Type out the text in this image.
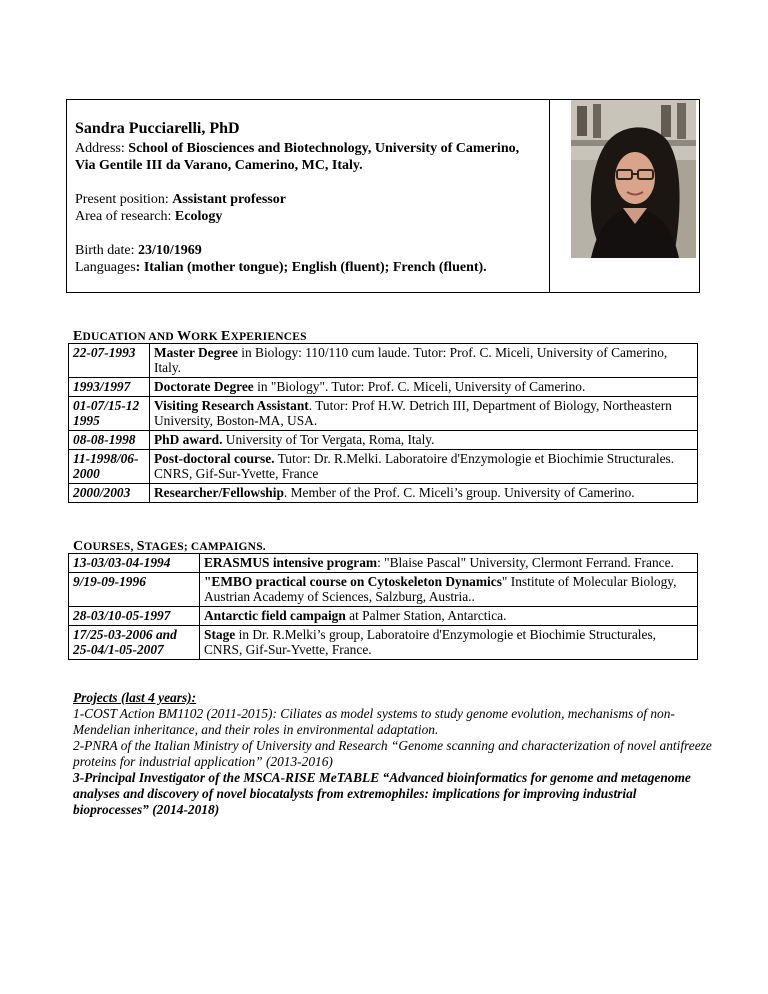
Sandra Pucciarelli, PhD
Address: School of Biosciences and Biotechnology, University of Camerino, Via Gentile III da Varano, Camerino, MC, Italy.
Present position: Assistant professor
Area of research: Ecology
Birth date: 23/10/1969
Languages: Italian (mother tongue); English (fluent); French (fluent).
EDUCATION AND WORK EXPERIENCES
22-07-1993	Master Degree in Biology: 110/110 cum laude. Tutor: Prof. C. Miceli, University of Camerino, Italy.
1993/1997	Doctorate Degree in "Biology". Tutor: Prof. C. Miceli, University of Camerino.
01-07/15-12 1995	Visiting Research Assistant. Tutor: Prof H.W. Detrich III, Department of Biology, Northeastern University, Boston-MA, USA.
08-08-1998	PhD award. University of Tor Vergata, Roma, Italy.
11-1998/06-2000	Post-doctoral course. Tutor: Dr. R.Melki. Laboratoire d'Enzymologie et Biochimie Structurales. CNRS, Gif-Sur-Yvette, France
2000/2003	Researcher/Fellowship. Member of the Prof. C. Miceli’s group. University of Camerino.
COURSES, STAGES; CAMPAIGNS.
13-03/03-04-1994	ERASMUS intensive program: "Blaise Pascal" University, Clermont Ferrand. France.
9/19-09-1996	"EMBO practical course on Cytoskeleton Dynamics" Institute of Molecular Biology, Austrian Academy of Sciences, Salzburg, Austria..
28-03/10-05-1997	Antarctic field campaign at Palmer Station, Antarctica.
17/25-03-2006 and 25-04/1-05-2007	Stage in Dr. R.Melki’s group, Laboratoire d'Enzymologie et Biochimie Structurales, CNRS, Gif-Sur-Yvette, France.
Projects (last 4 years):
1-COST Action BM1102 (2011-2015): Ciliates as model systems to study genome evolution, mechanisms of non-Mendelian inheritance, and their roles in environmental adaptation.
2-PNRA of the Italian Ministry of University and Research “Genome scanning and characterization of novel antifreeze proteins for industrial application” (2013-2016)
3-Principal Investigator of the MSCA-RISE MeTABLE “Advanced bioinformatics for genome and metagenome analyses and discovery of novel biocatalysts from extremophiles: implications for improving industrial bioprocesses” (2014-2018)
